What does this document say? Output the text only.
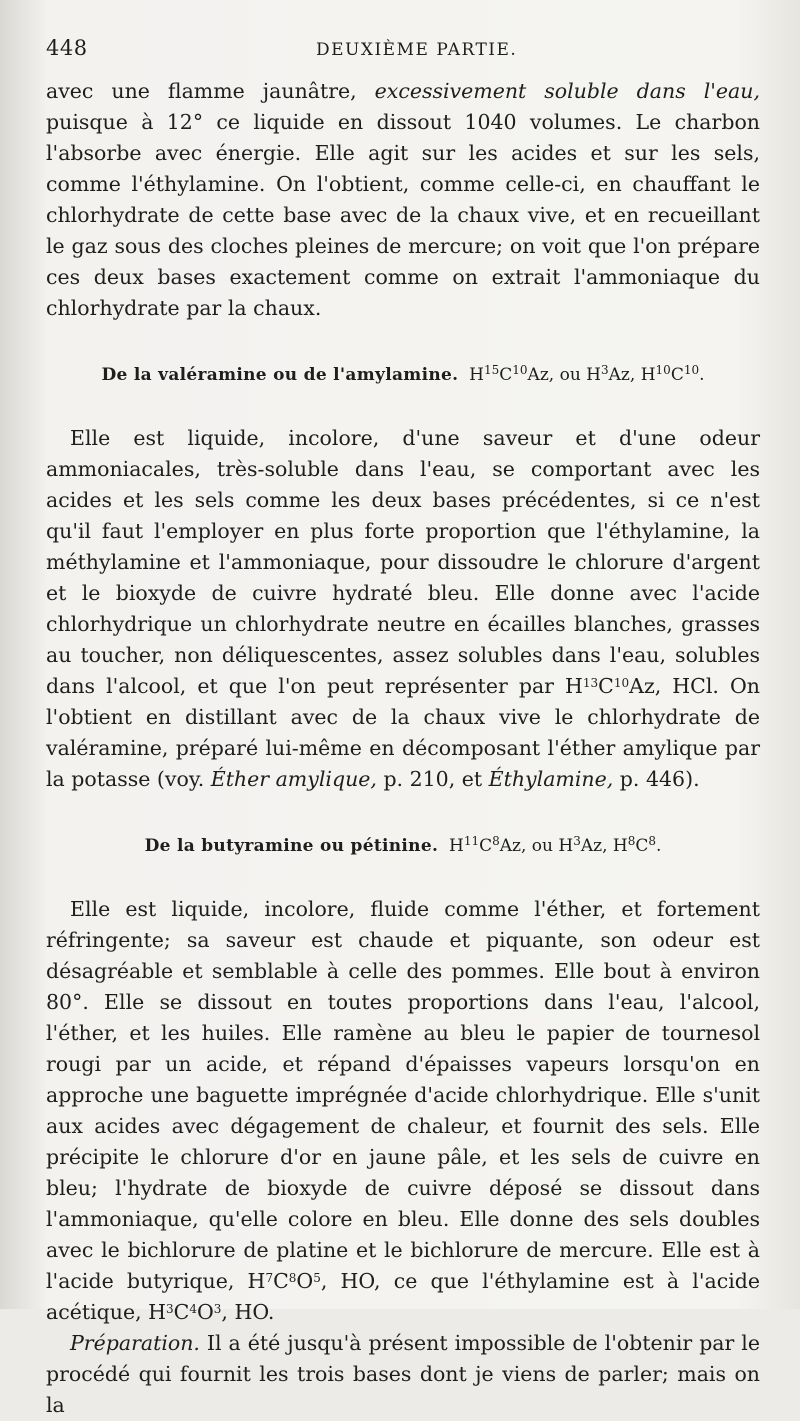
448	DEUXIÈME PARTIE.

avec une flamme jaunâtre, excessivement soluble dans l'eau, puisque à 12° ce liquide en dissout 1040 volumes. Le charbon l'absorbe avec énergie. Elle agit sur les acides et sur les sels, comme l'éthylamine. On l'obtient, comme celle-ci, en chauffant le chlorhydrate de cette base avec de la chaux vive, et en recueillant le gaz sous des cloches pleines de mercure; on voit que l'on prépare ces deux bases exactement comme on extrait l'ammoniaque du chlorhydrate par la chaux.

De la valéramine ou de l'amylamine. $H^{15}C^{10}Az$, ou $H^3Az$, $H^{10}C^{10}$.

Elle est liquide, incolore, d'une saveur et d'une odeur ammoniacales, très-soluble dans l'eau, se comportant avec les acides et les sels comme les deux bases précédentes, si ce n'est qu'il faut l'employer en plus forte proportion que l'éthylamine, la méthylamine et l'ammoniaque, pour dissoudre le chlorure d'argent et le bioxyde de cuivre hydraté bleu. Elle donne avec l'acide chlorhydrique un chlorhydrate neutre en écailles blanches, grasses au toucher, non déliquescentes, assez solubles dans l'eau, solubles dans l'alcool, et que l'on peut représenter par $H^{13}C^{10}Az$, HCl. On l'obtient en distillant avec de la chaux vive le chlorhydrate de valéramine, préparé lui-même en décomposant l'éther amylique par la potasse (voy. Éther amylique, p. 210, et Éthylamine, p. 446).

De la butyramine ou pétinine. $H^{11}C^8Az$, ou $H^3Az$, $H^8C^8$.

Elle est liquide, incolore, fluide comme l'éther, et fortement réfringente; sa saveur est chaude et piquante, son odeur est désagréable et semblable à celle des pommes. Elle bout à environ 80°. Elle se dissout en toutes proportions dans l'eau, l'alcool, l'éther, et les huiles. Elle ramène au bleu le papier de tournesol rougi par un acide, et répand d'épaisses vapeurs lorsqu'on en approche une baguette imprégnée d'acide chlorhydrique. Elle s'unit aux acides avec dégagement de chaleur, et fournit des sels. Elle précipite le chlorure d'or en jaune pâle, et les sels de cuivre en bleu; l'hydrate de bioxyde de cuivre déposé se dissout dans l'ammoniaque, qu'elle colore en bleu. Elle donne des sels doubles avec le bichlorure de platine et le bichlorure de mercure. Elle est à l'acide butyrique, $H^7C^8O^5$, HO, ce que l'éthylamine est à l'acide acétique, $H^3C^4O^3$, HO.

Préparation. Il a été jusqu'à présent impossible de l'obtenir par le procédé qui fournit les trois bases dont je viens de parler; mais on la
